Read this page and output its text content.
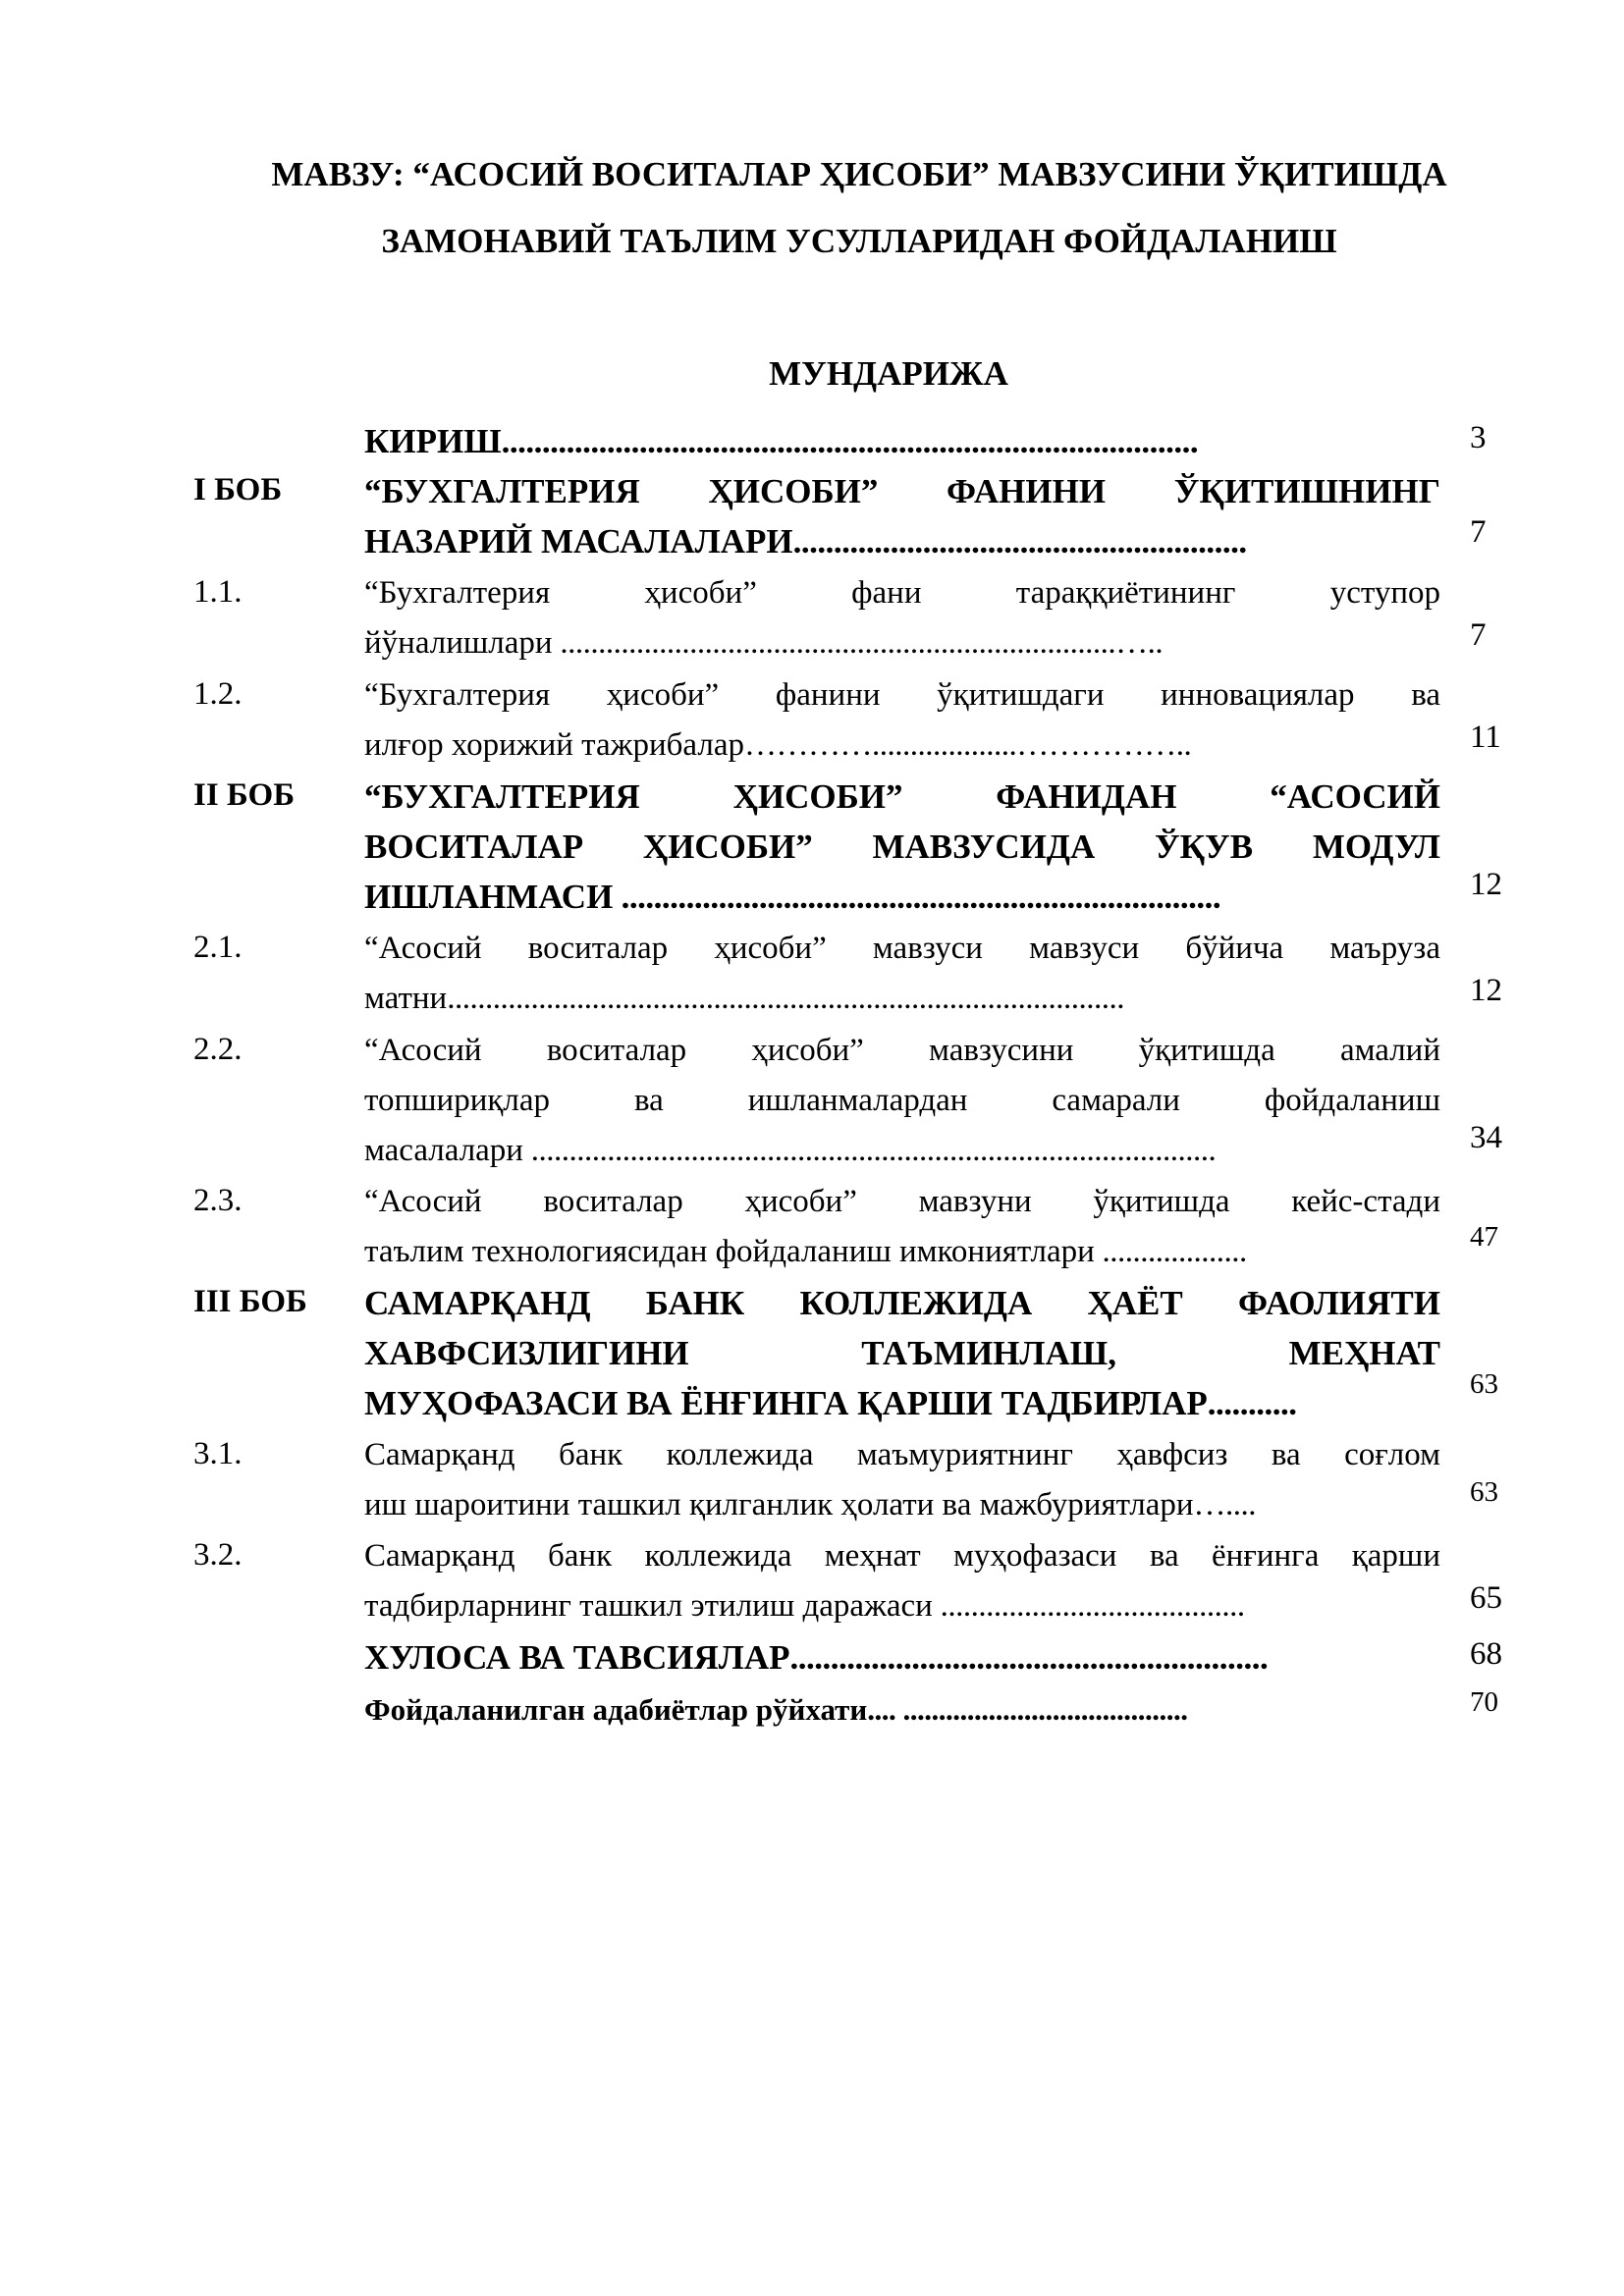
МАВЗУ: “АСОСИЙ ВОСИТАЛАР ҲИСОБИ” МАВЗУСИНИ ЎҚИТИШДА
ЗАМОНАВИЙ ТАЪЛИМ УСУЛЛАРИДАН ФОЙДАЛАНИШ
МУНДАРИЖА
КИРИШ......................................................................................	3
I БОБ “БУХГАЛТЕРИЯ ҲИСОБИ” ФАНИНИ ЎҚИТИШНИНГ
НАЗАРИЙ МАСАЛАЛАРИ........................................................	7
1.1.	“Бухгалтерия ҳисоби” фани тараққиётининг уступор
йўналишлари .........................................................................…..	7
1.2.	“Бухгалтерия ҳисоби” фанини ўқитишдаги инновациялар ва
илғор хорижий тажрибалар…………...................……………..	11
II БОБ “БУХГАЛТЕРИЯ ҲИСОБИ” ФАНИДАН “АСОСИЙ
ВОСИТАЛАР ҲИСОБИ” МАВЗУСИДА ЎҚУВ МОДУЛ
ИШЛАНМАСИ ..........................................................................	12
2.1.	“Асосий воситалар ҳисоби” мавзуси мавзуси бўйича маъруза
матни.........................................................................................	12
2.2.	“Асосий воситалар ҳисоби” мавзусини ўқитишда амалий
топшириқлар ва ишланмалардан самарали фойдаланиш
масалалари ..........................................................................................	34
2.3.	“Асосий воситалар ҳисоби” мавзуни ўқитишда кейс-стади
таълим технологиясидан фойдаланиш имкониятлари ...................	47
III БОБ САМАРҚАНД БАНК КОЛЛЕЖИДА ҲАЁТ ФАОЛИЯТИ
ХАВФСИЗЛИГИНИ ТАЪМИНЛАШ, МЕҲНАТ
МУҲОФАЗАСИ ВА ЁНҒИНГА ҚАРШИ ТАДБИРЛАР...........	63
3.1.	Самарқанд банк коллежида маъмуриятнинг ҳавфсиз ва соғлом
иш шароитини ташкил қилганлик ҳолати ва мажбуриятлари…....	63
3.2.	Самарқанд банк коллежида меҳнат муҳофазаси ва ёнғинга қарши
тадбирларнинг ташкил этилиш даражаси ........................................	65
ХУЛОСА ВА ТАВСИЯЛАР...........................................................	68
Фойдаланилган адабиётлар рўйхати.... ........................................	70
